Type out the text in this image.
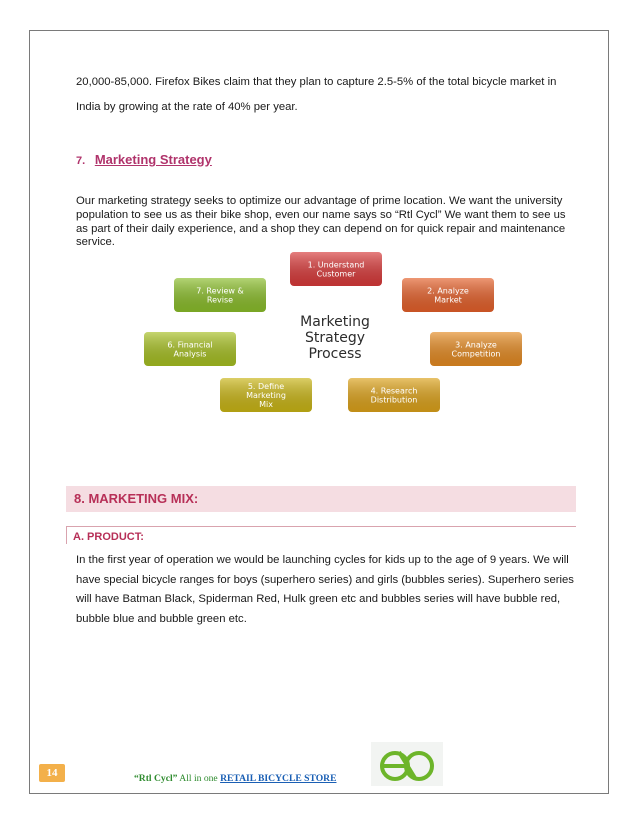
20,000-85,000. Firefox Bikes claim that they plan to capture 2.5-5% of the total bicycle market in

India by growing at the rate of 40% per year.

7. Marketing Strategy

Our marketing strategy seeks to optimize our advantage of prime location. We want the university population to see us as their bike shop, even our name says so “Rtl Cycl” We want them to see us as part of their daily experience, and a shop they can depend on for quick repair and maintenance service.

1. Understand
Customer
2. Analyze
Market
3. Analyze
Competition
4. Research
Distribution
5. Define
Marketing
Mix
6. Financial
Analysis
7. Review &
Revise
Marketing Strategy Process
8. MARKETING MIX:
A. PRODUCT:

In the first year of operation we would be launching cycles for kids up to the age of 9 years. We will have special bicycle ranges for boys (superhero series) and girls (bubbles series). Superhero series will have Batman Black, Spiderman Red, Hulk green etc and bubbles series will have bubble red, bubble blue and bubble green etc.

14	“Rtl Cycl” All in one RETAIL BICYCLE STORE
